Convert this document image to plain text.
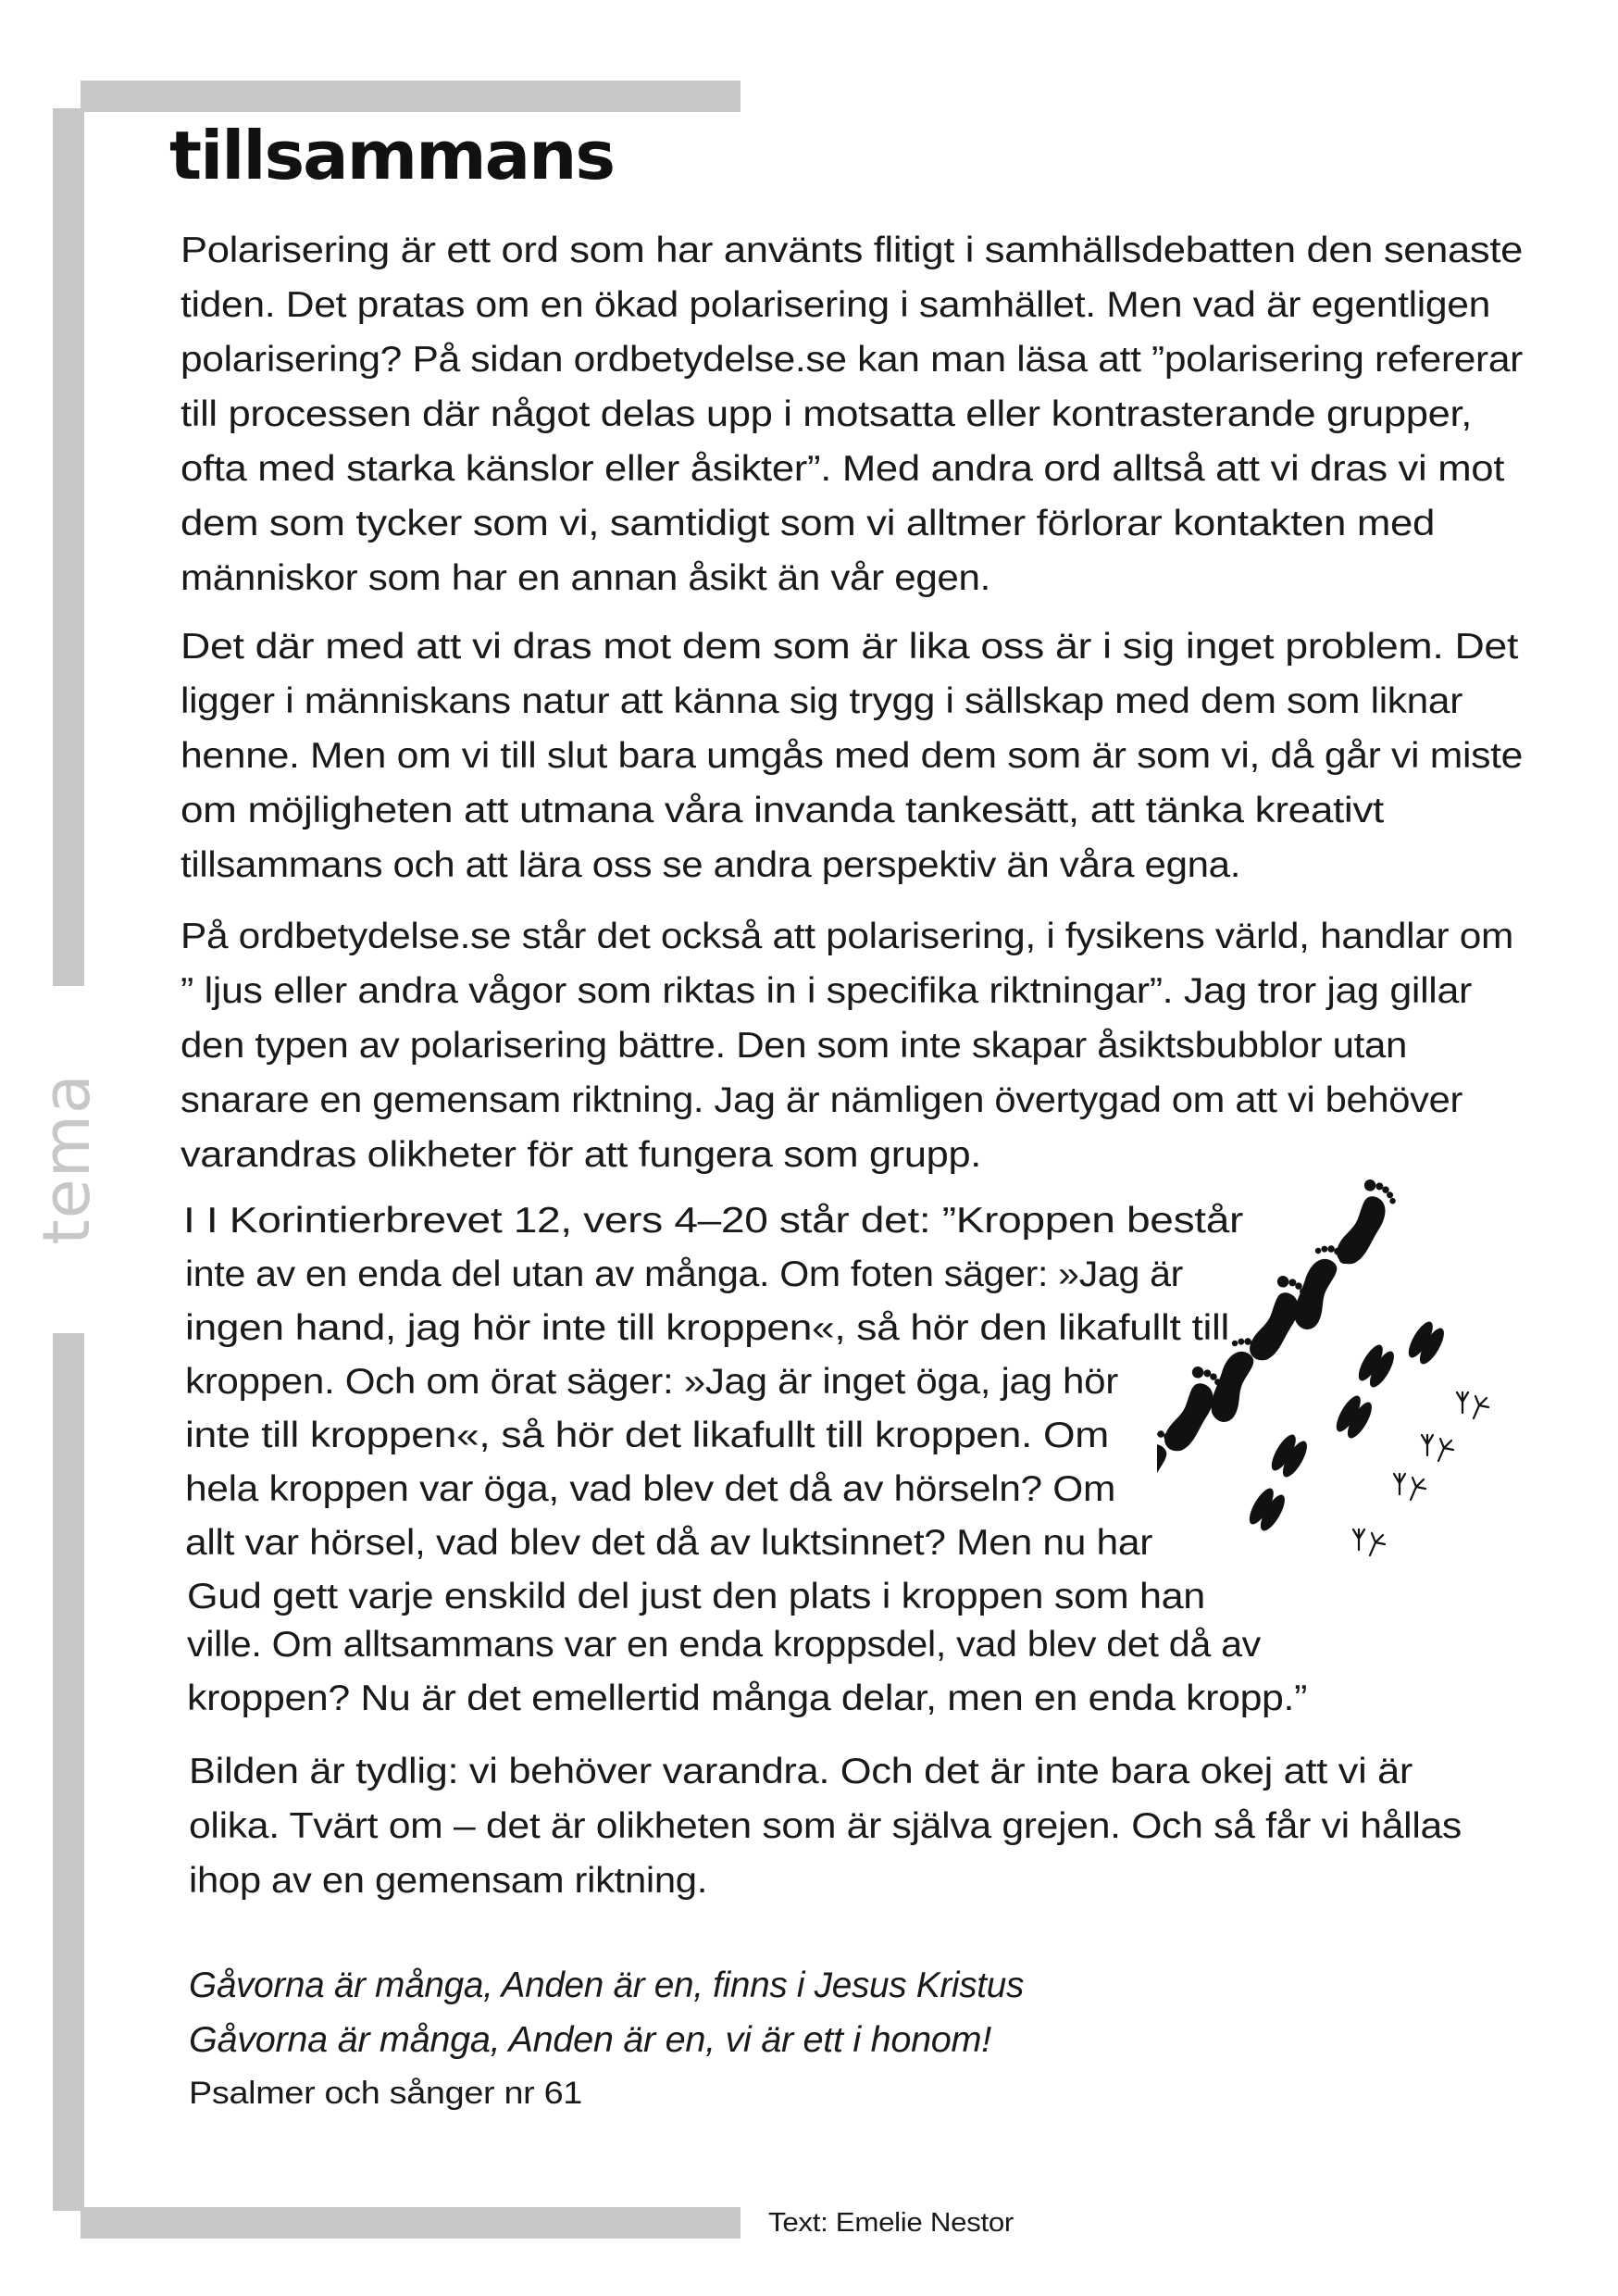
tema
tillsammans
Polarisering är ett ord som har använts flitigt i samhällsdebatten den senaste
tiden. Det pratas om en ökad polarisering i samhället. Men vad är egentligen
polarisering? På sidan ordbetydelse.se kan man läsa att ”polarisering refererar
till processen där något delas upp i motsatta eller kontrasterande grupper,
ofta med starka känslor eller åsikter”. Med andra ord alltså att vi dras vi mot
dem som tycker som vi, samtidigt som vi alltmer förlorar kontakten med
människor som har en annan åsikt än vår egen.
Det där med att vi dras mot dem som är lika oss är i sig inget problem. Det
ligger i människans natur att känna sig trygg i sällskap med dem som liknar
henne. Men om vi till slut bara umgås med dem som är som vi, då går vi miste
om möjligheten att utmana våra invanda tankesätt, att tänka kreativt
tillsammans och att lära oss se andra perspektiv än våra egna.
På ordbetydelse.se står det också att polarisering, i fysikens värld, handlar om
” ljus eller andra vågor som riktas in i specifika riktningar”. Jag tror jag gillar
den typen av polarisering bättre. Den som inte skapar åsiktsbubblor utan
snarare en gemensam riktning. Jag är nämligen övertygad om att vi behöver
varandras olikheter för att fungera som grupp.
I I Korintierbrevet 12, vers 4–20 står det: ”Kroppen består
inte av en enda del utan av många. Om foten säger: »Jag är
ingen hand, jag hör inte till kroppen«, så hör den likafullt till
kroppen. Och om örat säger: »Jag är inget öga, jag hör
inte till kroppen«, så hör det likafullt till kroppen. Om
hela kroppen var öga, vad blev det då av hörseln? Om
allt var hörsel, vad blev det då av luktsinnet? Men nu har
Gud gett varje enskild del just den plats i kroppen som han
ville. Om alltsammans var en enda kroppsdel, vad blev det då av
kroppen? Nu är det emellertid många delar, men en enda kropp.”
Bilden är tydlig: vi behöver varandra. Och det är inte bara okej att vi är
olika. Tvärt om – det är olikheten som är själva grejen. Och så får vi hållas
ihop av en gemensam riktning.
Gåvorna är många, Anden är en, finns i Jesus Kristus
Gåvorna är många, Anden är en, vi är ett i honom!
Psalmer och sånger nr 61
Text: Emelie Nestor
